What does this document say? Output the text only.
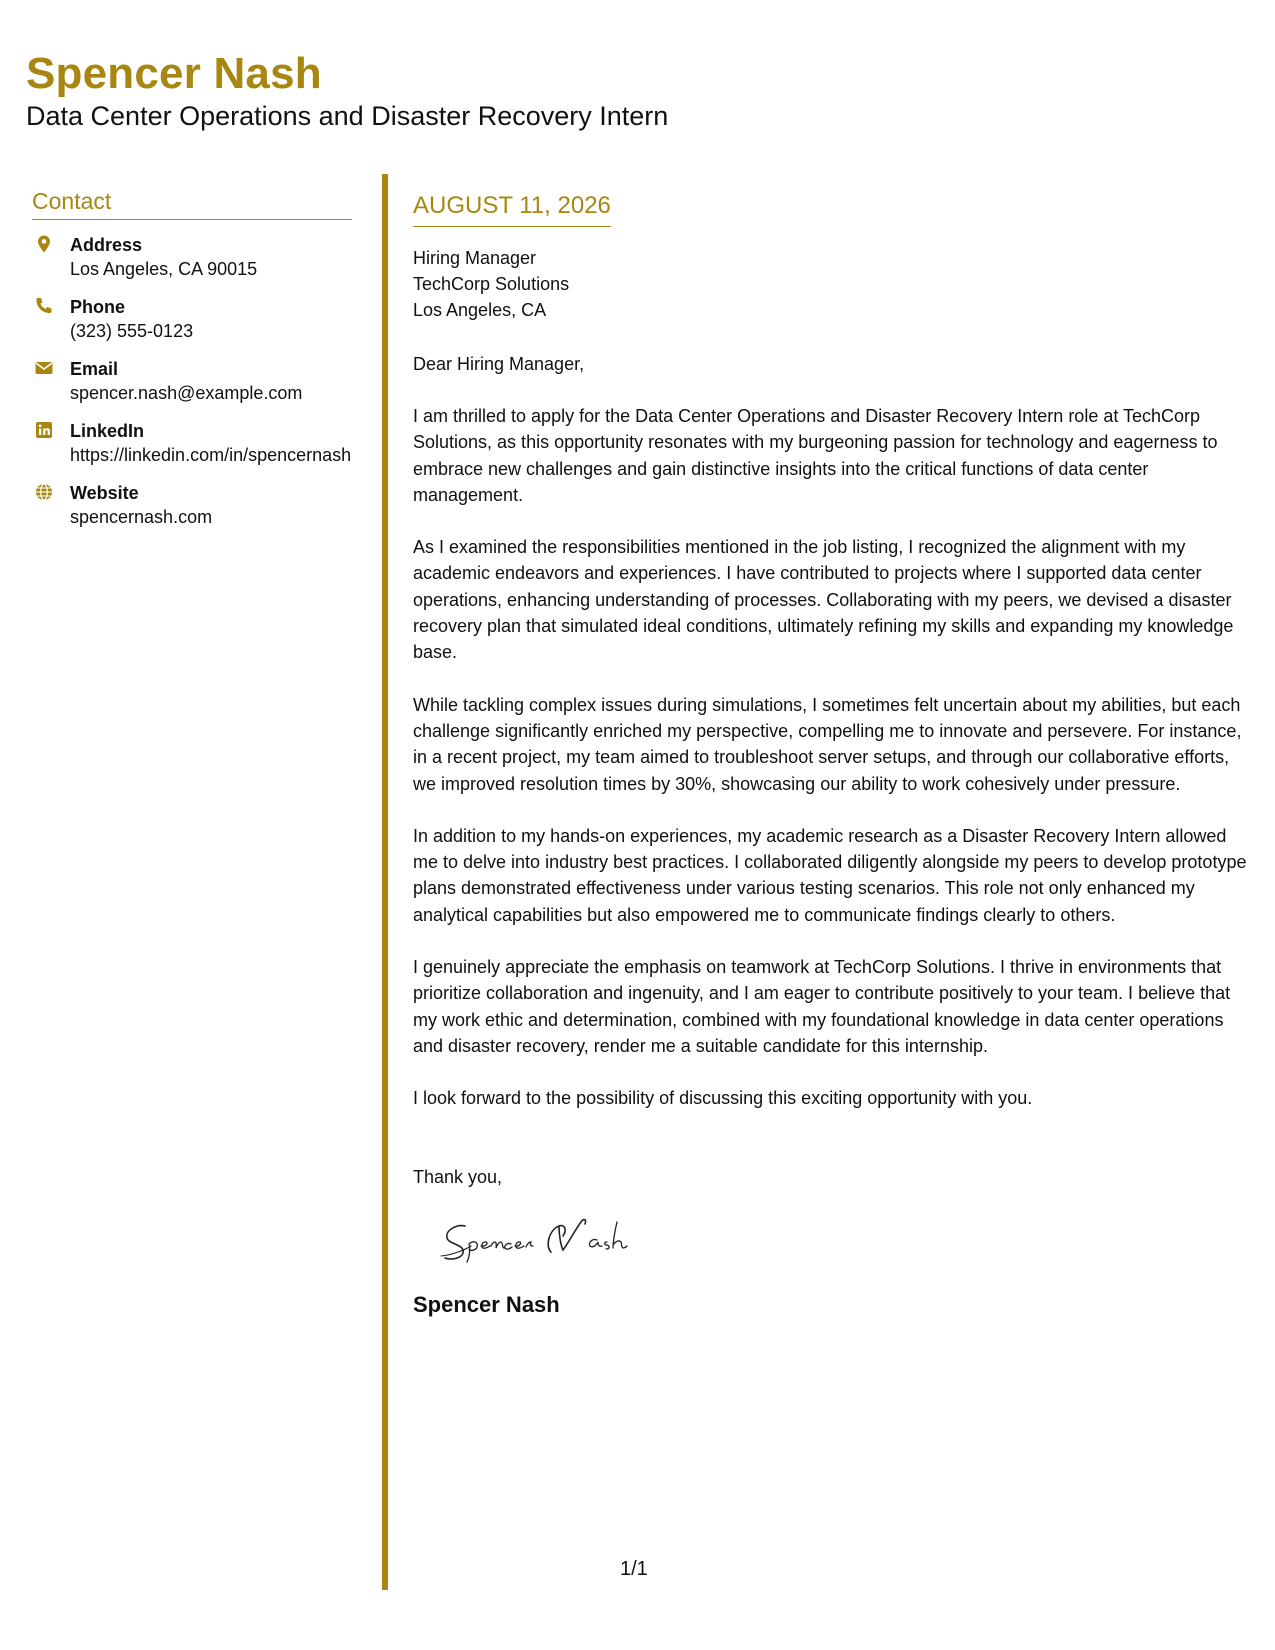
Spencer Nash
Data Center Operations and Disaster Recovery Intern
Contact
Address
Los Angeles, CA 90015
Phone
(323) 555-0123
Email
spencer.nash@example.com
LinkedIn
https://linkedin.com/in/spencernash
Website
spencernash.com
AUGUST 11, 2026
Hiring Manager
TechCorp Solutions
Los Angeles, CA
Dear Hiring Manager,
I am thrilled to apply for the Data Center Operations and Disaster Recovery Intern role at TechCorp Solutions, as this opportunity resonates with my burgeoning passion for technology and eagerness to embrace new challenges and gain distinctive insights into the critical functions of data center management.
As I examined the responsibilities mentioned in the job listing, I recognized the alignment with my academic endeavors and experiences. I have contributed to projects where I supported data center operations, enhancing understanding of processes. Collaborating with my peers, we devised a disaster recovery plan that simulated ideal conditions, ultimately refining my skills and expanding my knowledge base.
While tackling complex issues during simulations, I sometimes felt uncertain about my abilities, but each challenge significantly enriched my perspective, compelling me to innovate and persevere. For instance, in a recent project, my team aimed to troubleshoot server setups, and through our collaborative efforts, we improved resolution times by 30%, showcasing our ability to work cohesively under pressure.
In addition to my hands-on experiences, my academic research as a Disaster Recovery Intern allowed me to delve into industry best practices. I collaborated diligently alongside my peers to develop prototype plans demonstrated effectiveness under various testing scenarios. This role not only enhanced my analytical capabilities but also empowered me to communicate findings clearly to others.
I genuinely appreciate the emphasis on teamwork at TechCorp Solutions. I thrive in environments that prioritize collaboration and ingenuity, and I am eager to contribute positively to your team. I believe that my work ethic and determination, combined with my foundational knowledge in data center operations and disaster recovery, render me a suitable candidate for this internship.
I look forward to the possibility of discussing this exciting opportunity with you.
Thank you,
Spencer Nash
1/1
